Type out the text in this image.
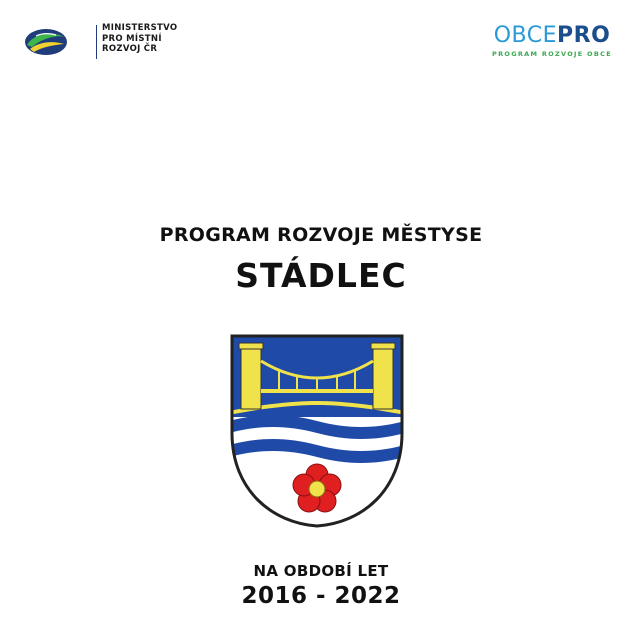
MINISTERSTVO
PRO MÍSTNÍ
ROZVOJ ČR
OBCEPRO
PROGRAM ROZVOJE OBCE
PROGRAM ROZVOJE MĚSTYSE
STÁDLEC
NA OBDOBÍ LET
2016 - 2022
